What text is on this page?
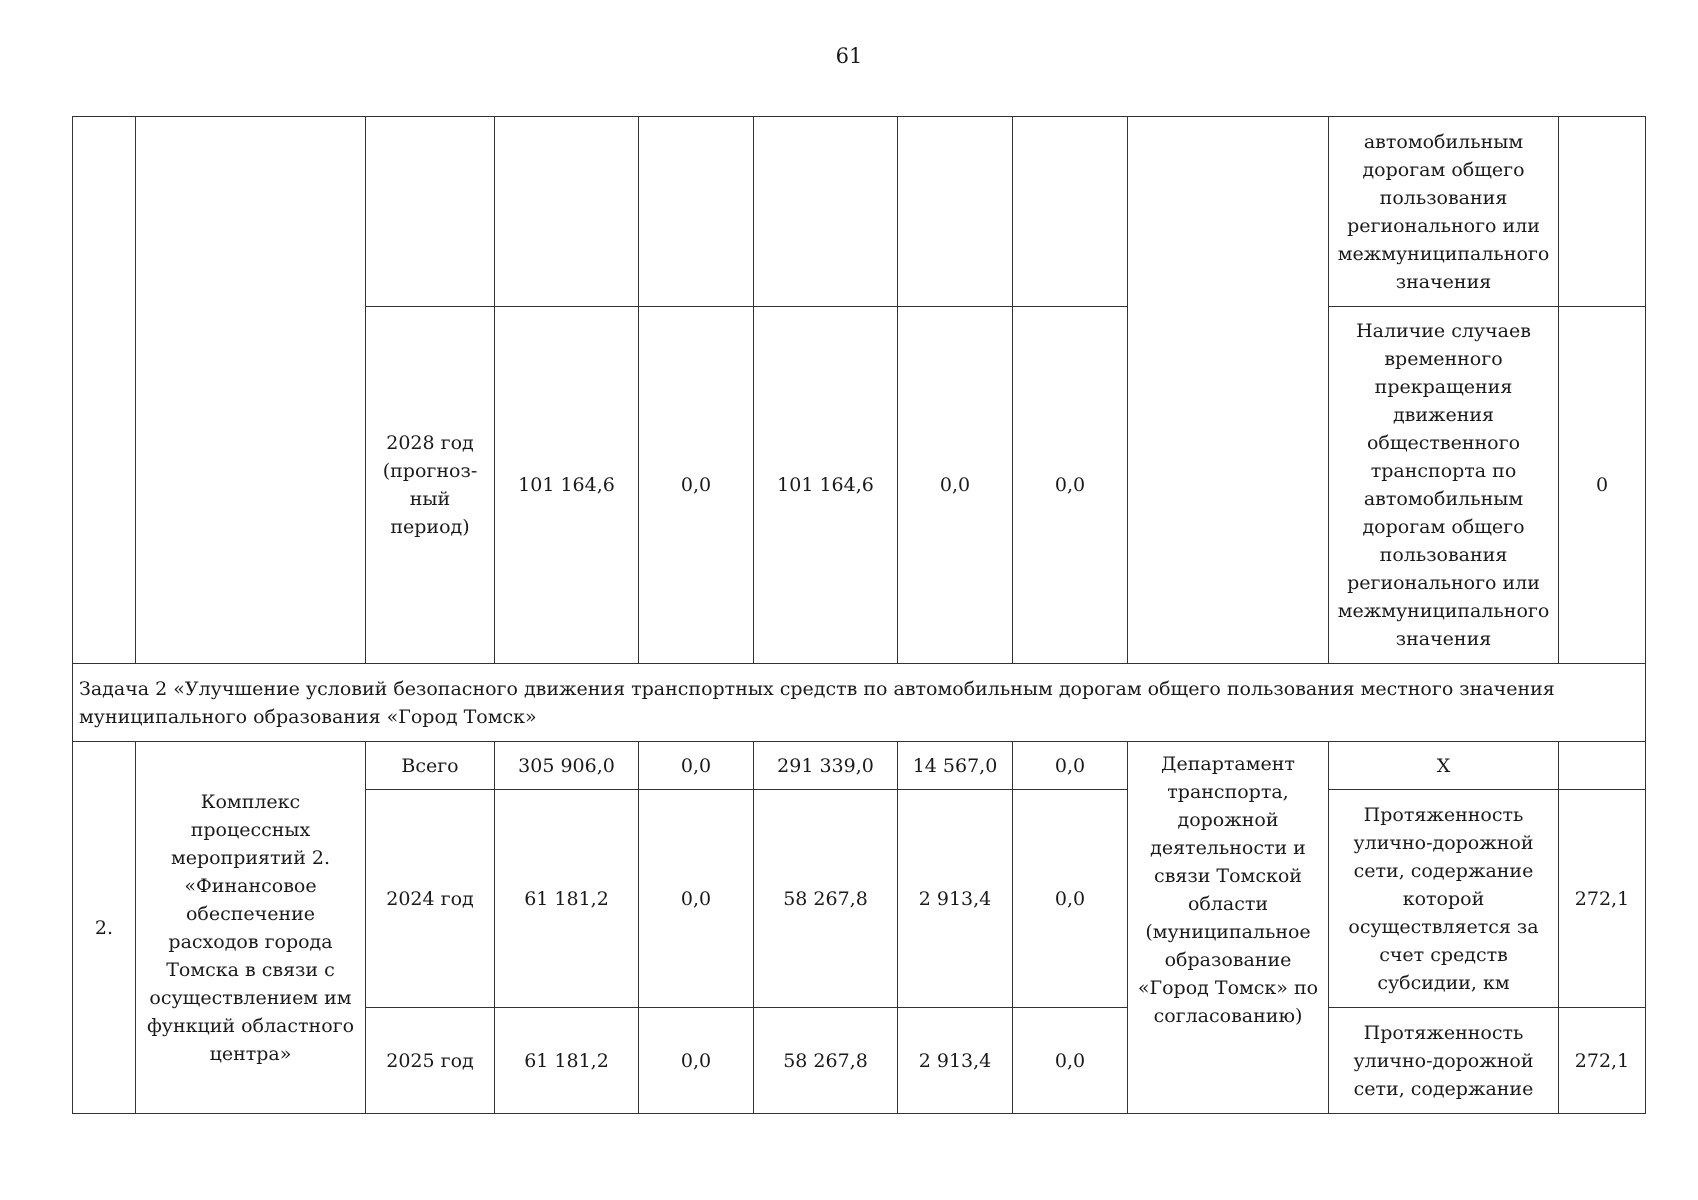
61
									автомобильным дорогам общего пользования регионального или межмуниципального значения	
		2028 год (прогноз-ный период)	101 164,6	0,0	101 164,6	0,0	0,0		Наличие случаев временного прекращения движения общественного транспорта по автомобильным дорогам общего пользования регионального или межмуниципального значения	0
Задача 2 «Улучшение условий безопасного движения транспортных средств по автомобильным дорогам общего пользования местного значения муниципального образования «Город Томск»										
2.	Комплекс процессных мероприятий 2. «Финансовое обеспечение расходов города Томска в связи с осуществлением им функций областного центра»	Всего	305 906,0	0,0	291 339,0	14 567,0	0,0	Департамент транспорта, дорожной деятельности и связи Томской области (муниципальное образование «Город Томск» по согласованию)	Х	
		2024 год	61 181,2	0,0	58 267,8	2 913,4	0,0		Протяженность улично-дорожной сети, содержание которой осуществляется за счет средств субсидии, км	272,1
		2025 год	61 181,2	0,0	58 267,8	2 913,4	0,0		Протяженность улично-дорожной сети, содержание	272,1
